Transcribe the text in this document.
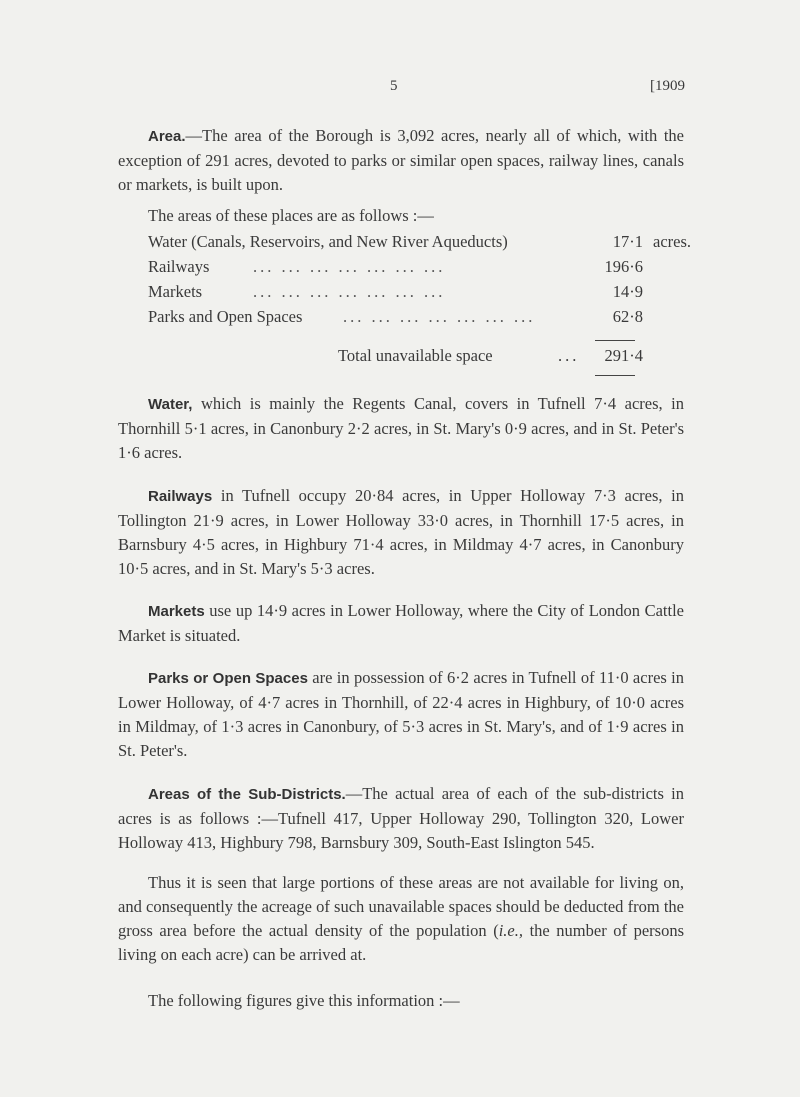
5	[1909

Area.—The area of the Borough is 3,092 acres, nearly all of which, with the exception of 291 acres, devoted to parks or similar open spaces, railway lines, canals or markets, is built upon.

The areas of these places are as follows :—
Water (Canals, Reservoirs, and New River Aqueducts)	17·1 acres.
Railways	... ... ... ... ... ... ...	196·6
Markets	... ... ... ... ... ... ...	14·9
Parks and Open Spaces ... ... ... ... ... ... ...	62·8
Total unavailable space	... 291·4

Water, which is mainly the Regents Canal, covers in Tufnell 7·4 acres, in Thornhill 5·1 acres, in Canonbury 2·2 acres, in St. Mary's 0·9 acres, and in St. Peter's 1·6 acres.

Railways in Tufnell occupy 20·84 acres, in Upper Holloway 7·3 acres, in Tollington 21·9 acres, in Lower Holloway 33·0 acres, in Thornhill 17·5 acres, in Barnsbury 4·5 acres, in Highbury 71·4 acres, in Mildmay 4·7 acres, in Canonbury 10·5 acres, and in St. Mary's 5·3 acres.

Markets use up 14·9 acres in Lower Holloway, where the City of London Cattle Market is situated.

Parks or Open Spaces are in possession of 6·2 acres in Tufnell of 11·0 acres in Lower Holloway, of 4·7 acres in Thornhill, of 22·4 acres in Highbury, of 10·0 acres in Mildmay, of 1·3 acres in Canonbury, of 5·3 acres in St. Mary's, and of 1·9 acres in St. Peter's.

Areas of the Sub-Districts.—The actual area of each of the sub-districts in acres is as follows :—Tufnell 417, Upper Holloway 290, Tollington 320, Lower Holloway 413, Highbury 798, Barnsbury 309, South-East Islington 545.

Thus it is seen that large portions of these areas are not available for living on, and consequently the acreage of such unavailable spaces should be deducted from the gross area before the actual density of the population (i.e., the number of persons living on each acre) can be arrived at.

The following figures give this information :—
